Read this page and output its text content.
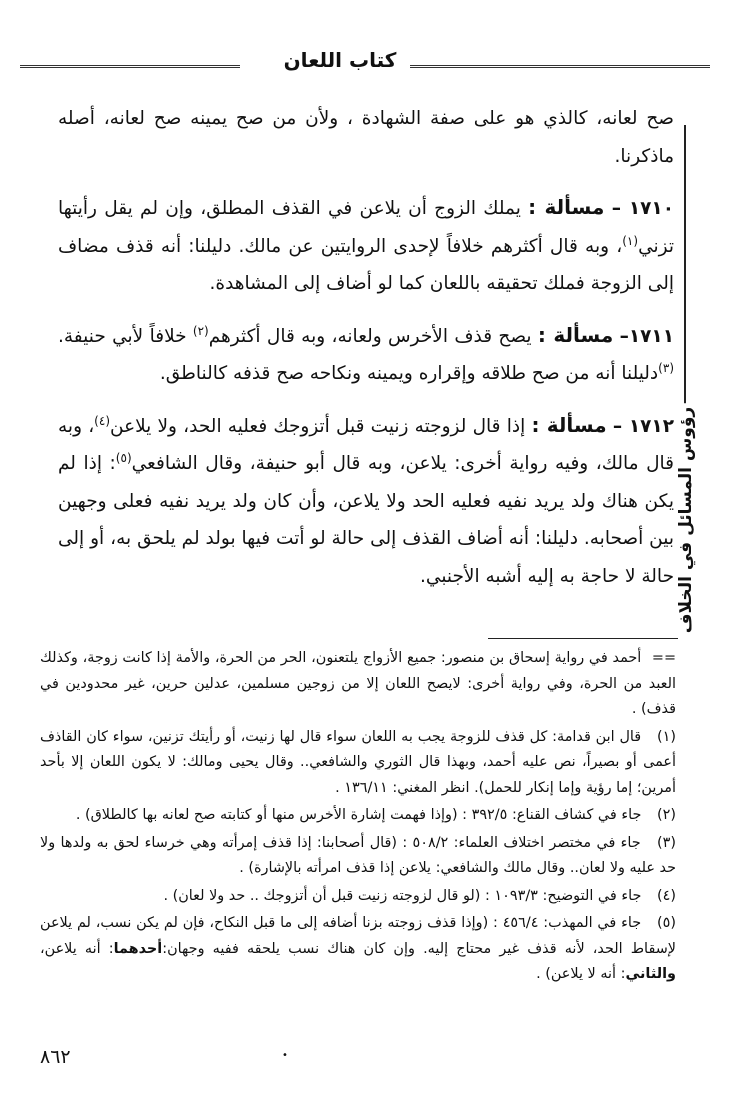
كتاب اللعان
رؤوس المسائل في الخلاف

صح لعانه، كالذي هو على صفة الشهادة ، ولأن من صح يمينه صح لعانه، أصله ماذكرنا.

١٧١٠ – مسألة : يملك الزوج أن يلاعن في القذف المطلق، وإن لم يقل رأيتها تزني$^{(١)}$، وبه قال أكثرهم خلافاً لإحدى الروايتين عن مالك. دليلنا: أنه قذف مضاف إلى الزوجة فملك تحقيقه باللعان كما لو أضاف إلى المشاهدة.

١٧١١– مسألة : يصح قذف الأخرس ولعانه، وبه قال أكثرهم$^{(٢)}$ خلافاً لأبي حنيفة.$^{(٣)}$دليلنا أنه من صح طلاقه وإقراره ويمينه ونكاحه صح قذفه كالناطق.

١٧١٢ – مسألة : إذا قال لزوجته زنيت قبل أتزوجك فعليه الحد، ولا يلاعن$^{(٤)}$، وبه قال مالك، وفيه رواية أخرى: يلاعن، وبه قال أبو حنيفة، وقال الشافعي$^{(٥)}$: إذا لم يكن هناك ولد يريد نفيه فعليه الحد ولا يلاعن، وأن كان ولد يريد نفيه فعلى وجهين بين أصحابه. دليلنا: أنه أضاف القذف إلى حالة لو أتت فيها بولد لم يلحق به، أو إلى حالة لا حاجة به إليه أشبه الأجنبي.

== أحمد في رواية إسحاق بن منصور: جميع الأزواج يلتعنون، الحر من الحرة، والأمة إذا كانت زوجة، وكذلك العبد من الحرة، وفي رواية أخرى: لايصح اللعان إلا من زوجين مسلمين، عدلين حرين، غير محدودين في قذف) .

(١) قال ابن قدامة: كل قذف للزوجة يجب به اللعان سواء قال لها زنيت، أو رأيتك تزنين، سواء كان القاذف أعمى أو بصيراً، نص عليه أحمد، وبهذا قال الثوري والشافعي.. وقال يحيى ومالك: لا يكون اللعان إلا بأحد أمرين؛ إما رؤية وإما إنكار للحمل). انظر المغني: ١٣٦/١١ .

(٢) جاء في كشاف القناع: ٣٩٢/٥ : (وإذا فهمت إشارة الأخرس منها أو كتابته صح لعانه بها كالطلاق) .

(٣) جاء في مختصر اختلاف العلماء: ٥٠٨/٢ : (قال أصحابنا: إذا قذف إمرأته وهي خرساء لحق به ولدها ولا حد عليه ولا لعان.. وقال مالك والشافعي: يلاعن إذا قذف امرأته بالإشارة) .

(٤) جاء في التوضيح: ١٠٩٣/٣ : (لو قال لزوجته زنيت قبل أن أتزوجك .. حد ولا لعان) .

(٥) جاء في المهذب: ٤٥٦/٤ : (وإذا قذف زوجته بزنا أضافه إلى ما قبل النكاح، فإن لم يكن نسب، لم يلاعن لإسقاط الحد، لأنه قذف غير محتاج إليه. وإن كان هناك نسب يلحقه ففيه وجهان:أحدهما: أنه يلاعن، والثاني: أنه لا يلاعن) .

•
٨٦٢
